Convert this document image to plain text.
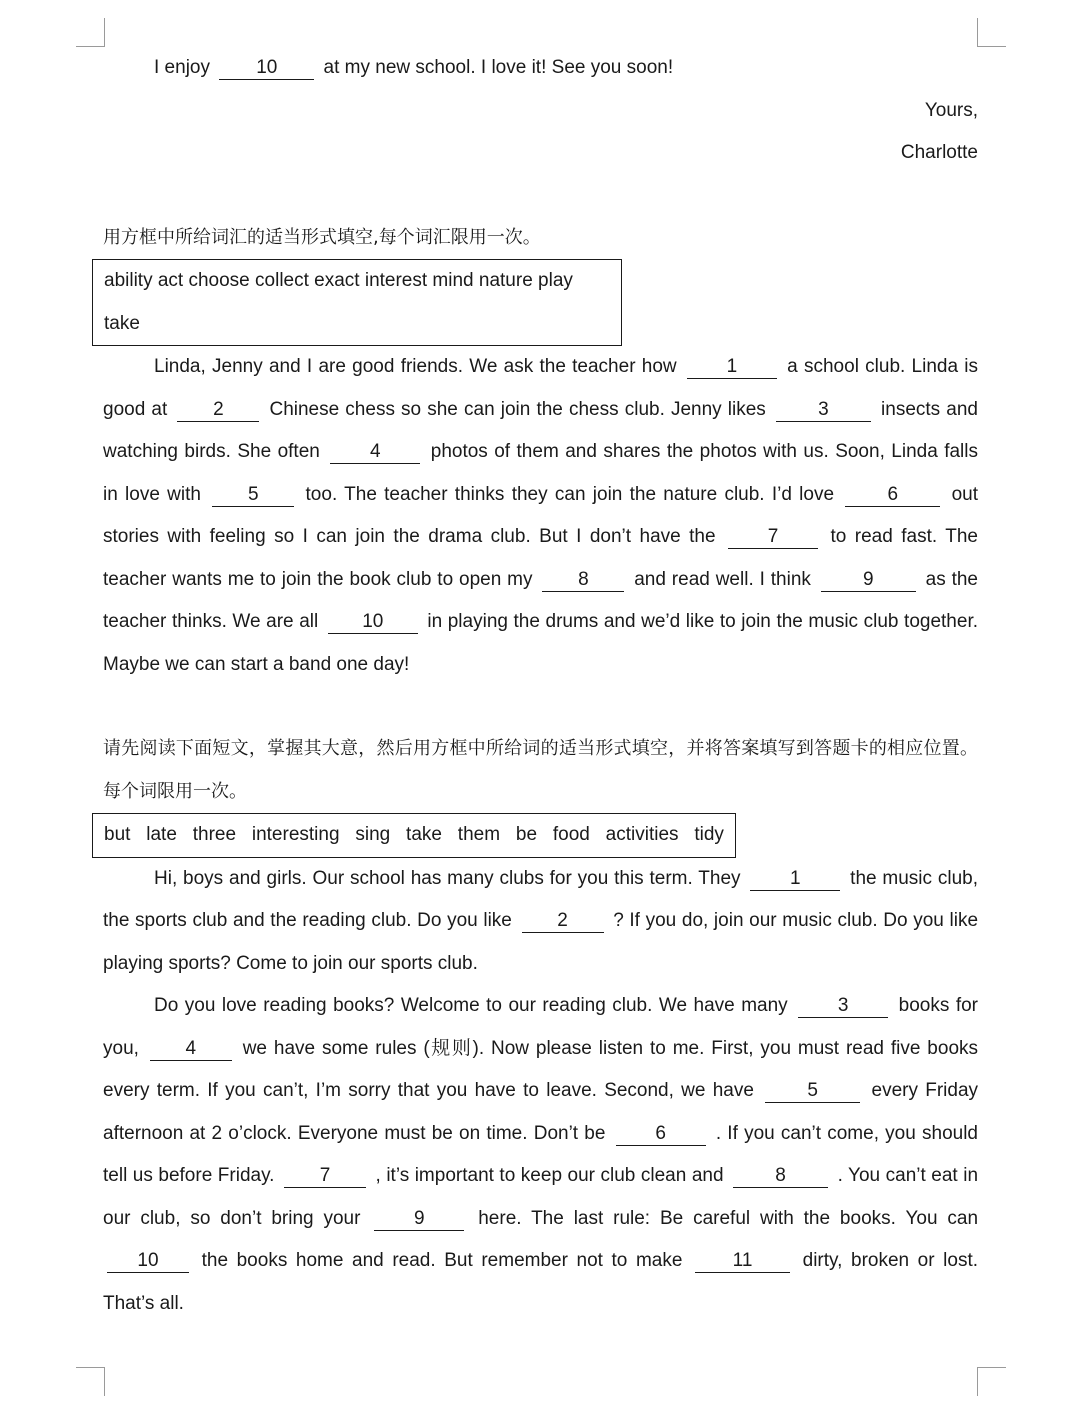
I enjoy 10 at my new school. I love it! See you soon!

Yours,

Charlotte

用方框中所给词汇的适当形式填空,每个词汇限用一次。

ability act choose collect exact interest mind nature play take

Linda, Jenny and I are good friends. We ask the teacher how	1	a school club. Linda is good at 2 Chinese chess so she can join the chess club. Jenny likes	3	insects and watching birds. She often	4	photos of them and shares the photos with us. Soon, Linda falls in love with 5 too. The teacher thinks they can join the nature club. I’d love	6	out stories with feeling so I can join the drama club. But I don’t have the	7	to read fast. The teacher wants me to join the book club to open my 8 and read well. I think	9	as the teacher thinks. We are all 10 in playing the drums and we’d like to join the music club together. Maybe we can start a band one day!

请先阅读下面短文，掌握其大意，然后用方框中所给词的适当形式填空，并将答案填写到答题卡的相应位置。每个词限用一次。

but late three interesting sing take them be food activities tidy

Hi, boys and girls. Our school has many clubs for you this term. They	1	the music club, the sports club and the reading club. Do you like 2 ? If you do, join our music club. Do you like playing sports? Come to join our sports club.

Do you love reading books? Welcome to our reading club. We have many	3	books for you, 4 we have some rules (规则). Now please listen to me. First, you must read five books every term. If you can’t, I’m sorry that you have to leave. Second, we have	5	every Friday afternoon at 2 o’clock. Everyone must be on time. Don’t be	6	. If you can’t come, you should tell us before Friday. 7 , it’s important to keep our club clean and	8	. You can’t eat in our club, so don’t bring your	9	here. The last rule: Be careful with the books. You can 10 the books home and read. But remember not to make	11	dirty, broken or lost. That’s all.
